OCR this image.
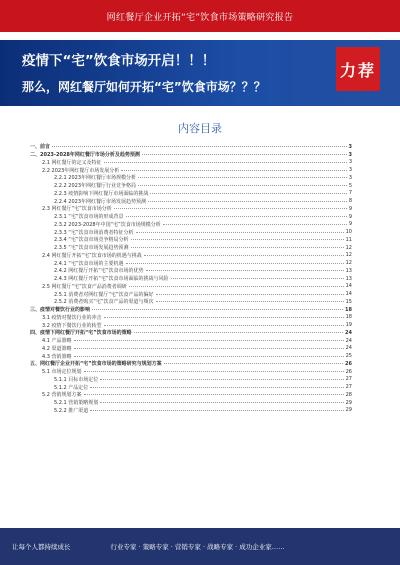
网红餐厅企业开拓“宅”饮食市场策略研究报告
疫情下“宅”饮食市场开启！！！
那么，网红餐厅如何开拓“宅”饮食市场？？？
力荐
内容目录
一、前言	3
二、2023-2028年网红餐厅市场分析及趋势预测	3
2.1 网红餐厅的定义及特征	3
2.2 2023年网红餐厅市场发展分析	3
2.2.1 2023年网红餐厅市场规模分析	3
2.2.2 2023年网红餐厅行业竞争格局	5
2.2.3 疫情影响下网红餐厅市场面临的挑战	7
2.2.4 2023年网红餐厅市场发展趋势预测	8
2.3 网红餐厅“宅”饮食市场分析	9
2.3.1 “宅”饮食市场的形成背景	9
2.3.2 2023-2028年中国“宅”饮食市场规模分析	9
2.3.3 “宅”饮食市场消费者特征分析	10
2.3.4 “宅”饮食市场竞争格局分析	11
2.3.5 “宅”饮食市场发展趋势预测	12
2.4 网红餐厅开拓“宅”饮食市场的机遇与挑战	12
2.4.1 “宅”饮食市场的主要机遇	12
2.4.2 网红餐厅开拓“宅”饮食市场的优势	13
2.4.3 网红餐厅开拓“宅”饮食市场面临的挑战与风险	13
2.5 网红餐厅“宅”饮食产品消费者调研	14
2.5.1 消费者对网红餐厅“宅”饮食产品的偏好	14
2.5.2 消费者购买“宅”饮食产品的渠道与频次	15
三、疫情对餐饮行业的影响	18
3.1 疫情对餐饮行业的冲击	18
3.2 疫情下餐饮行业的转型	19
四、疫情下网红餐厅开拓“宅”饮食市场的策略	24
4.1 产品策略	24
4.2 渠道策略	24
4.3 营销策略	25
五、网红餐厅企业开拓“宅”饮食市场的策略研究与规划方案	26
5.1 市场定位规划	26
5.1.1 目标市场定位	27
5.1.2 产品定位	27
5.2 营销规划方案	28
5.2.1 营销策略规划	29
5.2.2 推广渠道	29
让每个人都持续成长	行业专家 · 策略专家 · 营销专家 · 战略专家 · 成功企业家……
